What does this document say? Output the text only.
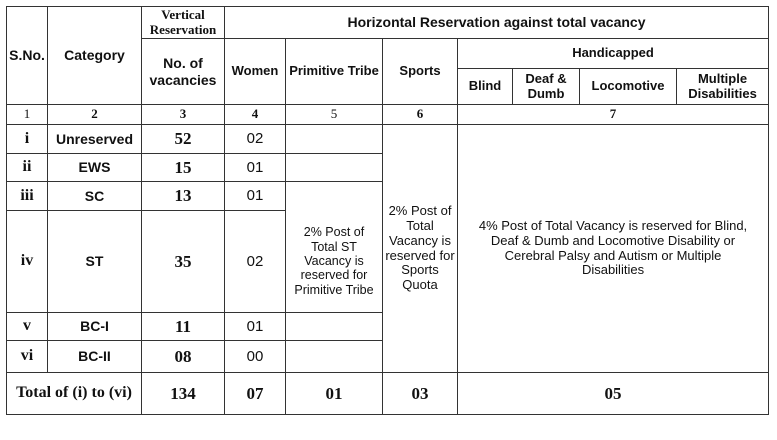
S.No.	Category	Vertical Reservation	Horizontal Reservation against total vacancy						
		No. of vacancies	Women	Primitive Tribe	Sports	Handicapped			
						Blind	Deaf & Dumb	Locomotive	Multiple Disabilities
1	2	3	4	5	6	7			
i	Unreserved	52	02		2% Post of Total Vacancy is reserved for Sports Quota	4% Post of Total Vacancy is reserved for Blind, Deaf & Dumb and Locomotive Disability or Cerebral Palsy and Autism or Multiple Disabilities			
ii	EWS	15	01						
iii	SC	13	01						
iv	ST	35	02	2% Post of Total ST Vacancy is reserved for Primitive Tribe					
v	BC-I	11	01						
vi	BC-II	08	00						
Total of (i) to (vi)		134	07	01	03	05			
